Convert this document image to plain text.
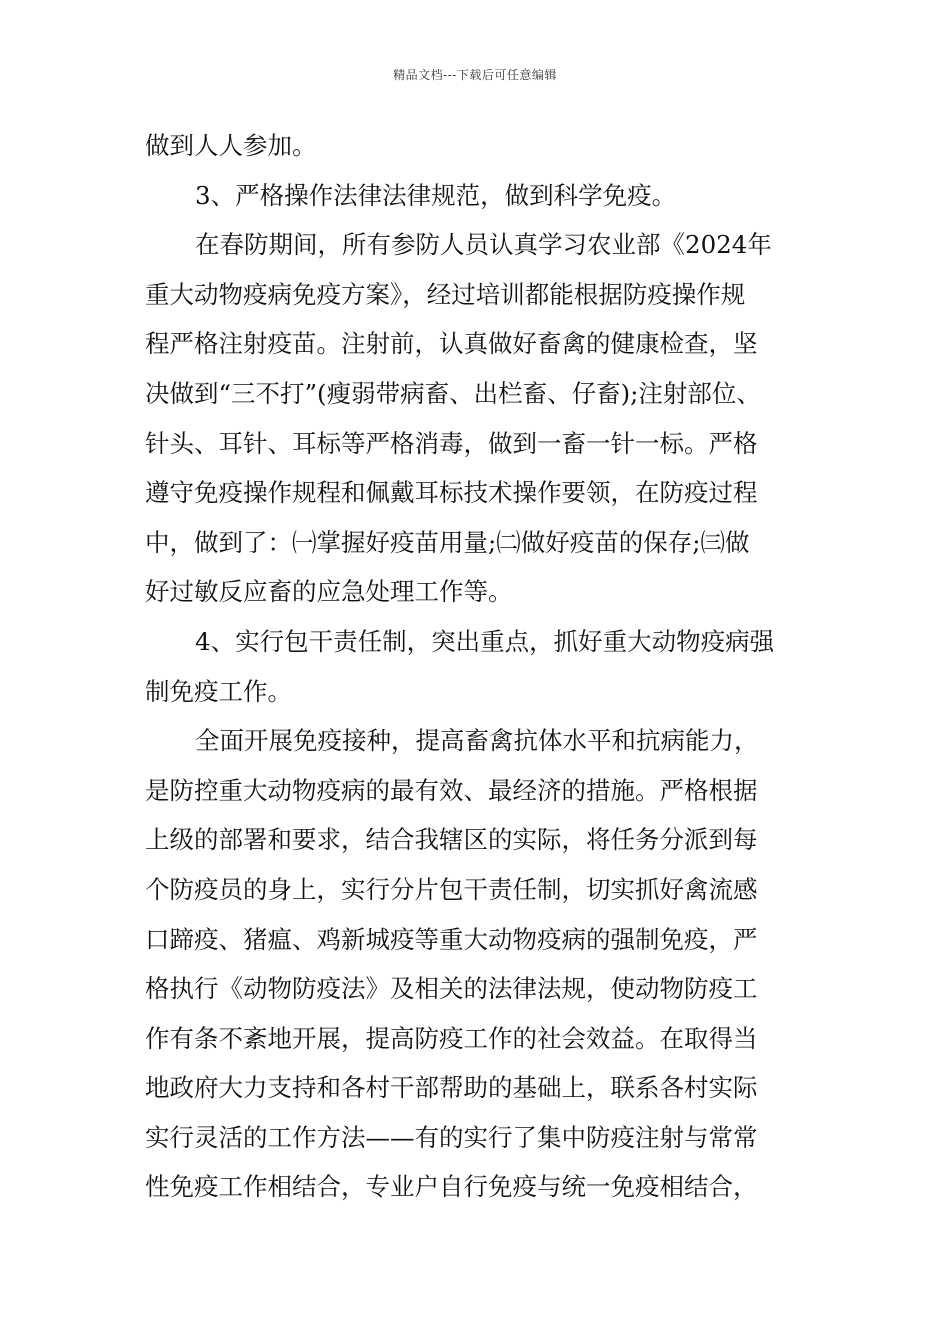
精品文档---下载后可任意编辑
做到人人参加。
3、严格操作法律法律规范，做到科学免疫。
在春防期间，所有参防人员认真学习农业部《2024年
重大动物疫病免疫方案》，经过培训都能根据防疫操作规
程严格注射疫苗。注射前，认真做好畜禽的健康检查，坚
决做到“三不打”(瘦弱带病畜、出栏畜、仔畜);注射部位、
针头、耳针、耳标等严格消毒，做到一畜一针一标。严格
遵守免疫操作规程和佩戴耳标技术操作要领，在防疫过程
中，做到了：㈠掌握好疫苗用量;㈡做好疫苗的保存;㈢做
好过敏反应畜的应急处理工作等。
4、实行包干责任制，突出重点，抓好重大动物疫病强
制免疫工作。
全面开展免疫接种，提高畜禽抗体水平和抗病能力，
是防控重大动物疫病的最有效、最经济的措施。严格根据
上级的部署和要求，结合我辖区的实际，将任务分派到每
个防疫员的身上，实行分片包干责任制，切实抓好禽流感
口蹄疫、猪瘟、鸡新城疫等重大动物疫病的强制免疫，严
格执行《动物防疫法》及相关的法律法规，使动物防疫工
作有条不紊地开展，提高防疫工作的社会效益。在取得当
地政府大力支持和各村干部帮助的基础上，联系各村实际
实行灵活的工作方法——有的实行了集中防疫注射与常常
性免疫工作相结合，专业户自行免疫与统一免疫相结合，
